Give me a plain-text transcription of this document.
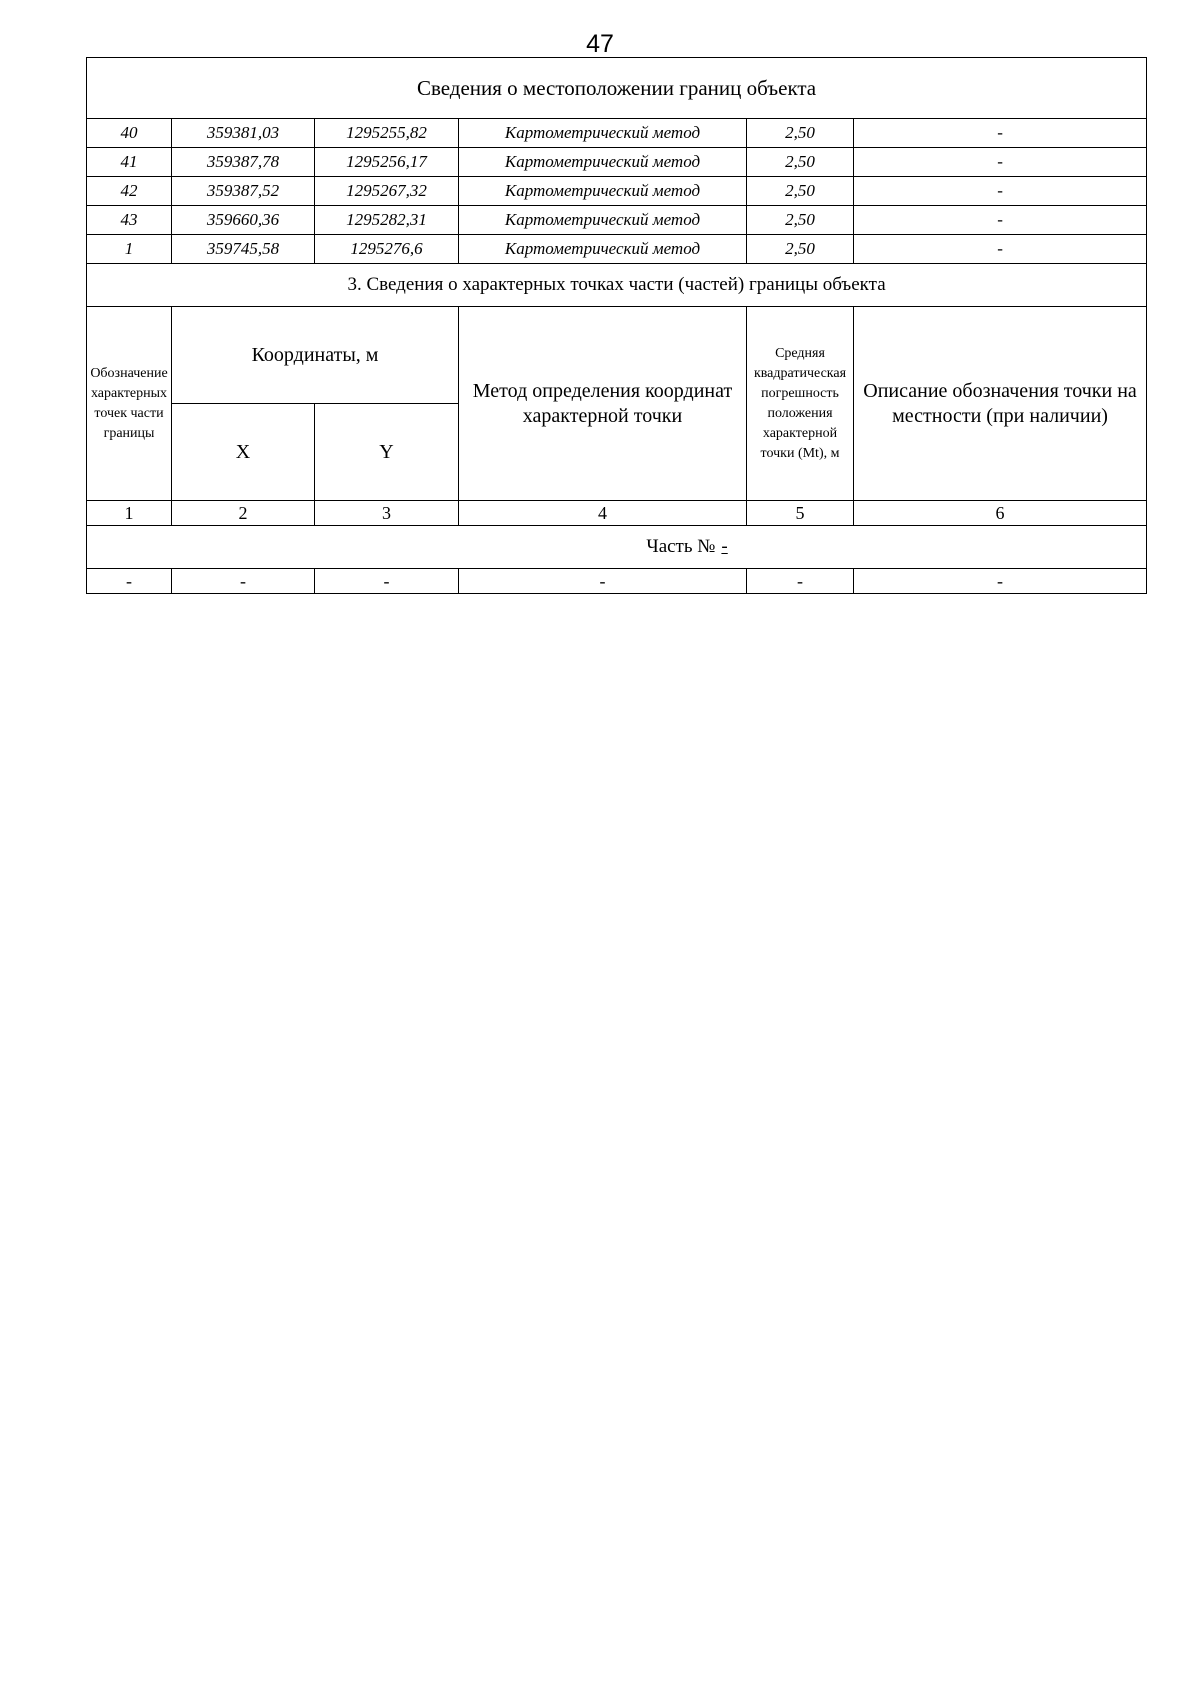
47
Сведения о местоположении границ объекта					
40	359381,03	1295255,82	Картометрический метод	2,50	-
41	359387,78	1295256,17	Картометрический метод	2,50	-
42	359387,52	1295267,32	Картометрический метод	2,50	-
43	359660,36	1295282,31	Картометрический метод	2,50	-
1	359745,58	1295276,6	Картометрический метод	2,50	-
3. Сведения о характерных точках части (частей) границы объекта					
Обозначение характерных точек части границы	Координаты, м		Метод определения координат характерной точки	Средняя квадратическая погрешность положения характерной точки (Mt), м	Описание обозначения точки на местности (при наличии)
	X	Y			
1	2	3	4	5	6
Часть № -					
-	-	-	-	-	-
